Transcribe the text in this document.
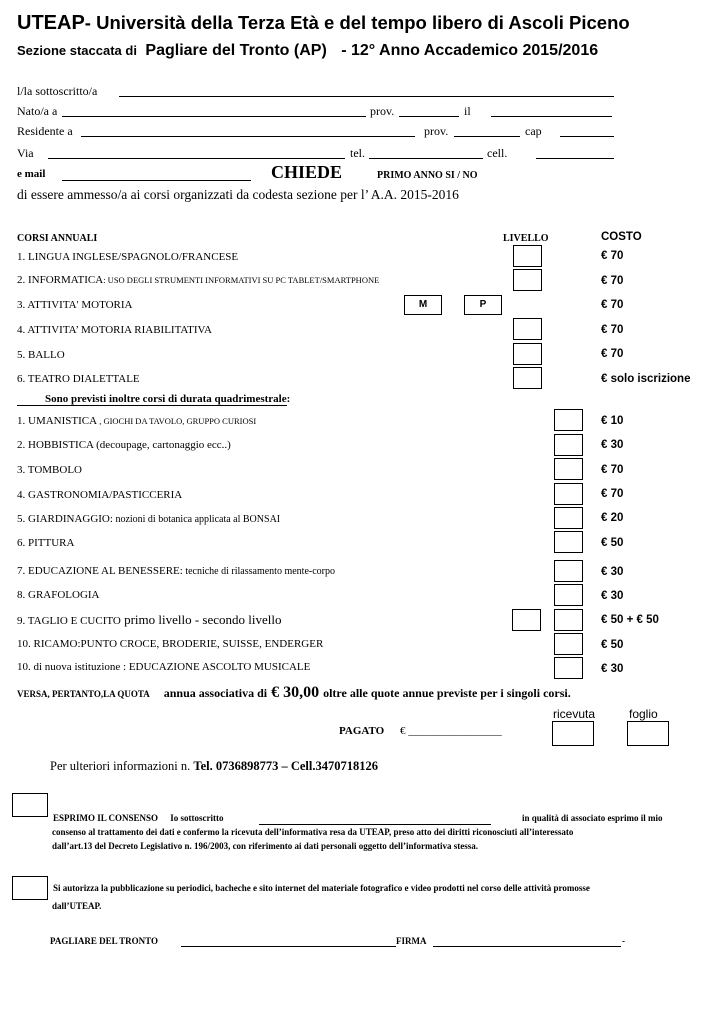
UTEAP- Università della Terza Età e del tempo libero di Ascoli Piceno
Sezione staccata di Pagliare del Tronto (AP) - 12° Anno Accademico 2015/2016
l/la sottoscritto/a
Nato/a a	prov.	il
Residente a	prov.	cap
Via	tel.	cell.
e mail	CHIEDE	PRIMO ANNO SI / NO
di essere ammesso/a ai corsi organizzati da codesta sezione per l’ A.A. 2015-2016
CORSI ANNUALI	LIVELLO	COSTO
1. LINGUA INGLESE/SPAGNOLO/FRANCESE	€ 70
2. INFORMATICA: USO DEGLI STRUMENTI INFORMATIVI SU PC TABLET/SMARTPHONE	€ 70
3. ATTIVITA' MOTORIA	M	P	€ 70
4. ATTIVITA’ MOTORIA RIABILITATIVA	€ 70
5. BALLO	€ 70
6. TEATRO DIALETTALE	€ solo iscrizione
Sono previsti inoltre corsi di durata quadrimestrale:
1. UMANISTICA , GIOCHI DA TAVOLO, GRUPPO CURIOSI	€ 10
2. HOBBISTICA (decoupage, cartonaggio ecc..)	€ 30
3. TOMBOLO	€ 70
4. GASTRONOMIA/PASTICCERIA	€ 70
5. GIARDINAGGIO: nozioni di botanica applicata al BONSAI	€ 20
6. PITTURA	€ 50
7. EDUCAZIONE AL BENESSERE: tecniche di rilassamento mente-corpo	€ 30
8. GRAFOLOGIA	€ 30
9. TAGLIO E CUCITO primo livello - secondo livello	€ 50 + € 50
10. RICAMO:PUNTO CROCE, BRODERIE, SUISSE, ENDERGER	€ 50
10. di nuova istituzione : EDUCAZIONE ASCOLTO MUSICALE	€ 30
VERSA, PERTANTO,LA QUOTA annua associativa di € 30,00 oltre alle quote annue previste per i singoli corsi.
ricevuta	foglio
PAGATO € _________________
Per ulteriori informazioni n. Tel. 0736898773 – Cell.3470718126
ESPRIMO IL CONSENSO Io sottoscritto	in qualità di associato esprimo il mio
consenso al trattamento dei dati e confermo la ricevuta dell’informativa resa da UTEAP, preso atto dei diritti riconosciuti all’interessato
dall’art.13 del Decreto Legislativo n. 196/2003, con riferimento ai dati personali oggetto dell’informativa stessa.
Si autorizza la pubblicazione su periodici, bacheche e sito internet del materiale fotografico e video prodotti nel corso delle attività promosse
dall’UTEAP.
PAGLIARE DEL TRONTO	FIRMA	-
